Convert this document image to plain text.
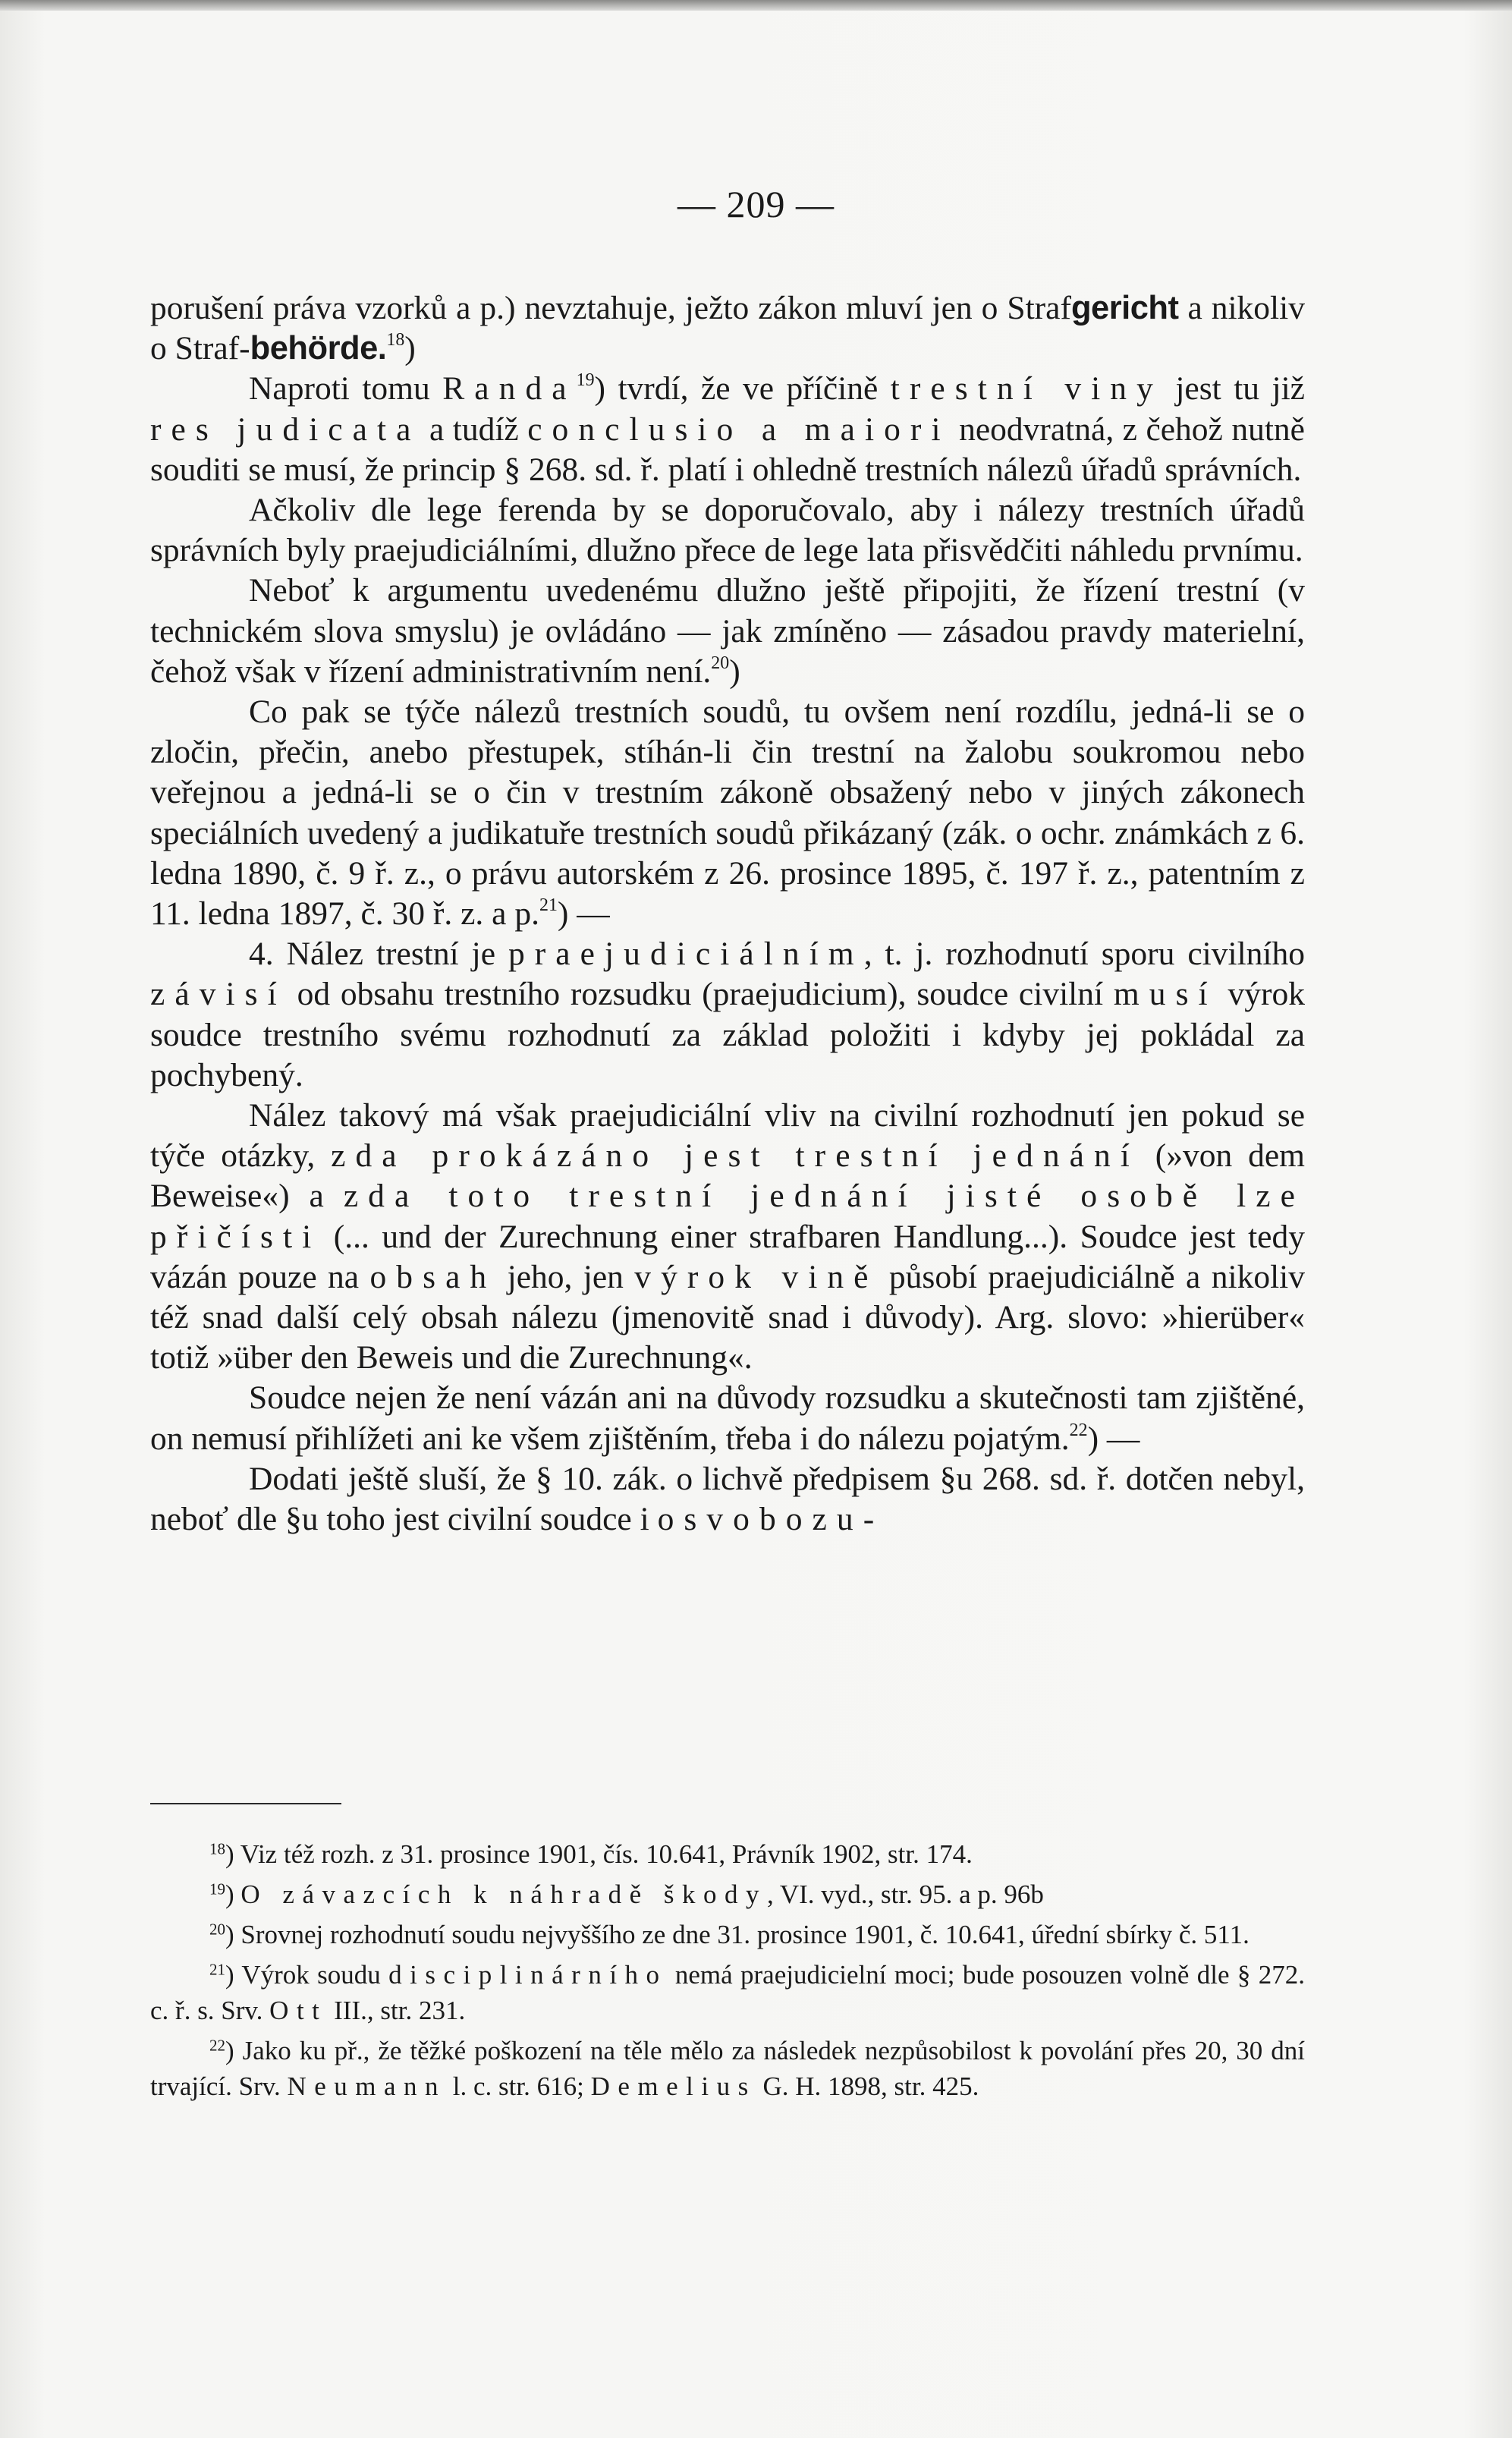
— 209 —

porušení práva vzorků a p.) nevztahuje, ježto zákon mluví jen o Strafgericht a nikoliv o Straf-behörde.$^{18}$)

Naproti tomu Randa$^{19}$) tvrdí, že ve příčině trestní viny jest tu již res judicata a tudíž conclusio a maiori neodvratná, z čehož nutně souditi se musí, že princip § 268. sd. ř. platí i ohledně trestních nálezů úřadů správních.

Ačkoliv dle lege ferenda by se doporučovalo, aby i nálezy trestních úřadů správních byly praejudiciálními, dlužno přece de lege lata přisvědčiti náhledu prvnímu.

Neboť k argumentu uvedenému dlužno ještě připojiti, že řízení trestní (v technickém slova smyslu) je ovládáno — jak zmíněno — zásadou pravdy materielní, čehož však v řízení administrativním není.$^{20}$)

Co pak se týče nálezů trestních soudů, tu ovšem není rozdílu, jedná-li se o zločin, přečin, anebo přestupek, stíhán-li čin trestní na žalobu soukromou nebo veřejnou a jedná-li se o čin v trestním zákoně obsažený nebo v jiných zákonech speciálních uvedený a judikatuře trestních soudů přikázaný (zák. o ochr. známkách z 6. ledna 1890, č. 9 ř. z., o právu autorském z 26. prosince 1895, č. 197 ř. z., patentním z 11. ledna 1897, č. 30 ř. z. a p.$^{21}$) —

4. Nález trestní je praejudiciálním, t. j. rozhodnutí sporu civilního závisí od obsahu trestního rozsudku (praejudicium), soudce civilní musí výrok soudce trestního svému rozhodnutí za základ položiti i kdyby jej pokládal za pochybený.

Nález takový má však praejudiciální vliv na civilní rozhodnutí jen pokud se týče otázky, zda prokázáno jest trestní jednání (»von dem Beweise«) a zda toto trestní jednání jisté osobě lze přičísti (... und der Zurechnung einer strafbaren Handlung...). Soudce jest tedy vázán pouze na obsah jeho, jen výrok vině působí praejudiciálně a nikoliv též snad další celý obsah nálezu (jmenovitě snad i důvody). Arg. slovo: »hierüber« totiž »über den Beweis und die Zurechnung«.

Soudce nejen že není vázán ani na důvody rozsudku a skutečnosti tam zjištěné, on nemusí přihlížeti ani ke všem zjištěním, třeba i do nálezu pojatým.$^{22}$) —

Dodati ještě sluší, že § 10. zák. o lichvě předpisem §u 268. sd. ř. dotčen nebyl, neboť dle §u toho jest civilní soudce i osvobozu-

$^{18}$) Viz též rozh. z 31. prosince 1901, čís. 10.641, Právník 1902, str. 174.

$^{19}$) O závazcích k náhradě škody, VI. vyd., str. 95. a p. 96b

$^{20}$) Srovnej rozhodnutí soudu nejvyššího ze dne 31. prosince 1901, č. 10.641, úřední sbírky č. 511.

$^{21}$) Výrok soudu disciplinárního nemá praejudicielní moci; bude posouzen volně dle § 272. c. ř. s. Srv. Ott III., str. 231.

$^{22}$) Jako ku př., že těžké poškození na těle mělo za následek nezpůsobilost k povolání přes 20, 30 dní trvající. Srv. Neumann l. c. str. 616; Demelius G. H. 1898, str. 425.
